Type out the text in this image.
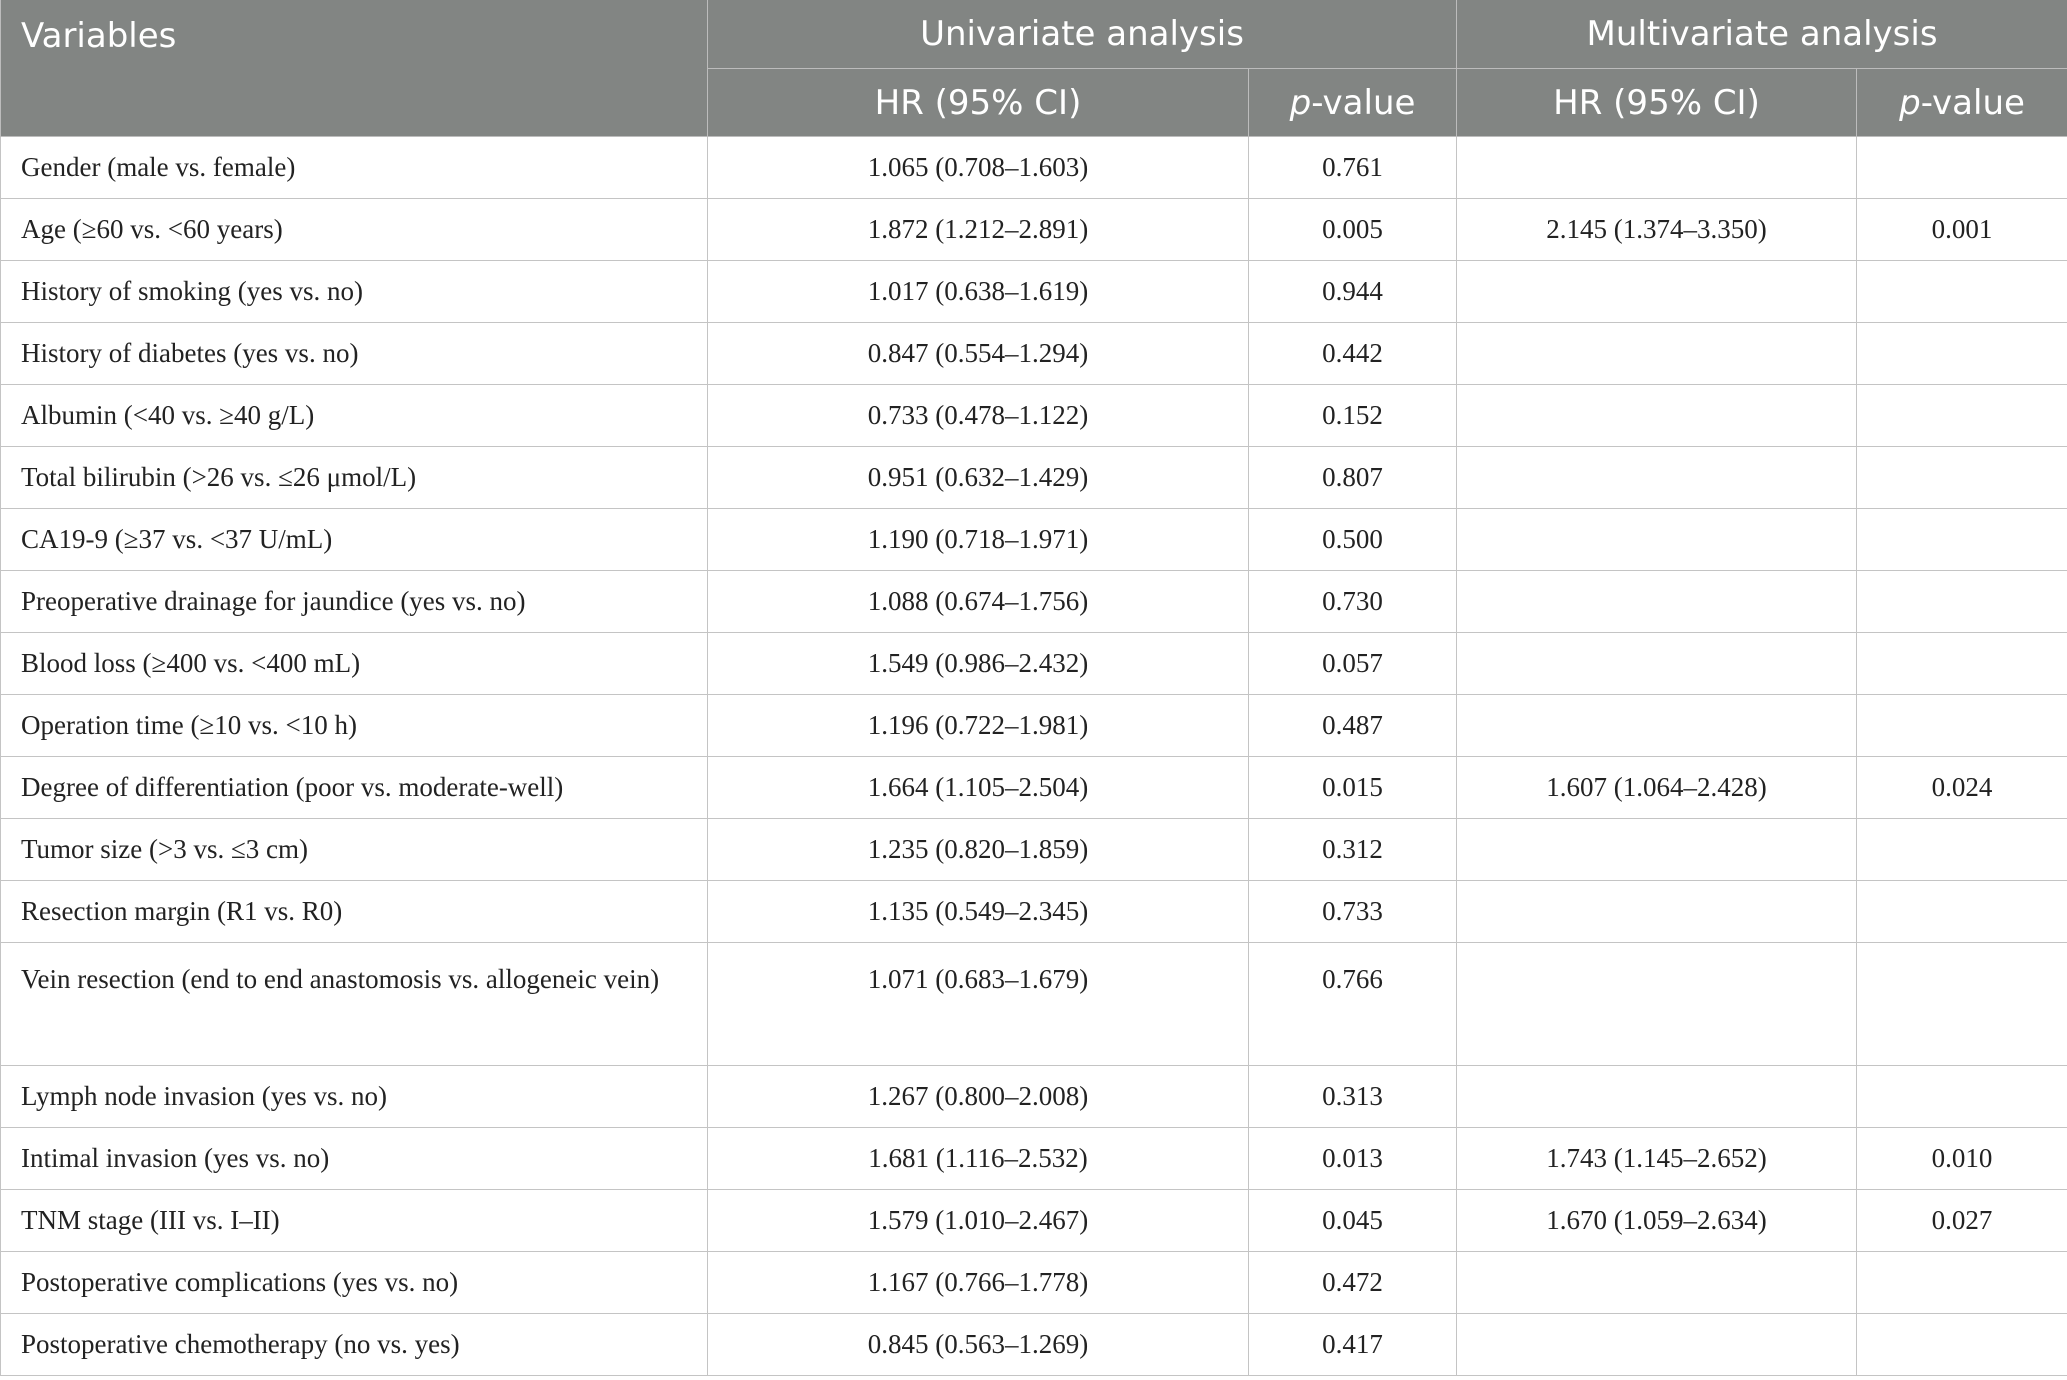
Variables	Univariate analysis		Multivariate analysis	
	HR (95% CI)	p-value	HR (95% CI)	p-value
Gender (male vs. female)	1.065 (0.708–1.603)	0.761		
Age (≥60 vs. <60 years)	1.872 (1.212–2.891)	0.005	2.145 (1.374–3.350)	0.001
History of smoking (yes vs. no)	1.017 (0.638–1.619)	0.944		
History of diabetes (yes vs. no)	0.847 (0.554–1.294)	0.442		
Albumin (<40 vs. ≥40 g/L)	0.733 (0.478–1.122)	0.152		
Total bilirubin (>26 vs. ≤26 μmol/L)	0.951 (0.632–1.429)	0.807		
CA19-9 (≥37 vs. <37 U/mL)	1.190 (0.718–1.971)	0.500		
Preoperative drainage for jaundice (yes vs. no)	1.088 (0.674–1.756)	0.730		
Blood loss (≥400 vs. <400 mL)	1.549 (0.986–2.432)	0.057		
Operation time (≥10 vs. <10 h)	1.196 (0.722–1.981)	0.487		
Degree of differentiation (poor vs. moderate-well)	1.664 (1.105–2.504)	0.015	1.607 (1.064–2.428)	0.024
Tumor size (>3 vs. ≤3 cm)	1.235 (0.820–1.859)	0.312		
Resection margin (R1 vs. R0)	1.135 (0.549–2.345)	0.733		
Vein resection (end to end anastomosis vs. allogeneic vein)	1.071 (0.683–1.679)	0.766		
Lymph node invasion (yes vs. no)	1.267 (0.800–2.008)	0.313		
Intimal invasion (yes vs. no)	1.681 (1.116–2.532)	0.013	1.743 (1.145–2.652)	0.010
TNM stage (III vs. I–II)	1.579 (1.010–2.467)	0.045	1.670 (1.059–2.634)	0.027
Postoperative complications (yes vs. no)	1.167 (0.766–1.778)	0.472		
Postoperative chemotherapy (no vs. yes)	0.845 (0.563–1.269)	0.417		
